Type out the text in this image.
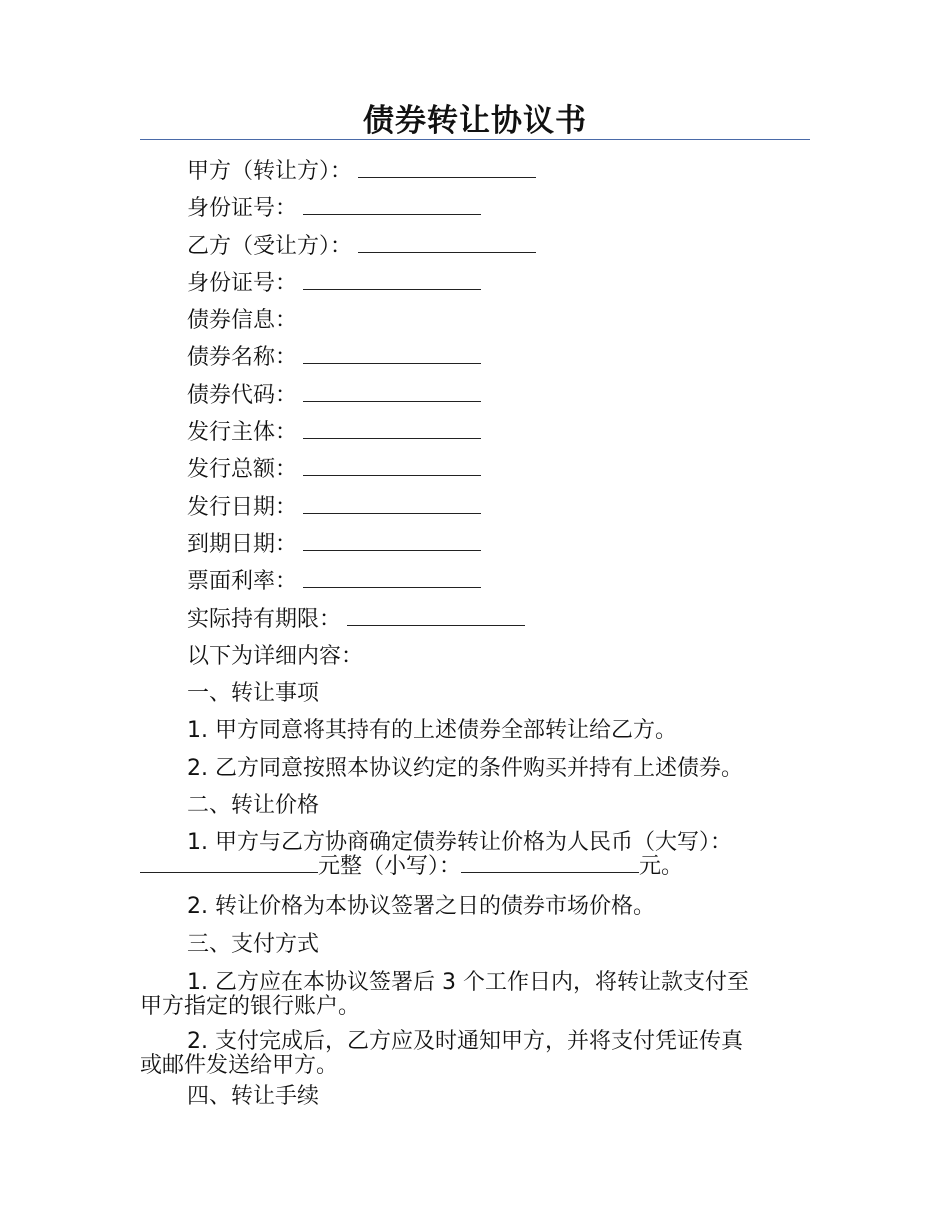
债券转让协议书
甲方（转让方）：
身份证号：
乙方（受让方）：
身份证号：
债券信息：
债券名称：
债券代码：
发行主体：
发行总额：
发行日期：
到期日期：
票面利率：
实际持有期限：
以下为详细内容：
一、转让事项
1. 甲方同意将其持有的上述债券全部转让给乙方。
2. 乙方同意按照本协议约定的条件购买并持有上述债券。
二、转让价格
1. 甲方与乙方协商确定债券转让价格为人民币（大写）：
元整（小写）：	元。
2. 转让价格为本协议签署之日的债券市场价格。
三、支付方式
1. 乙方应在本协议签署后 3 个工作日内，将转让款支付至
甲方指定的银行账户。
2. 支付完成后，乙方应及时通知甲方，并将支付凭证传真
或邮件发送给甲方。
四、转让手续
